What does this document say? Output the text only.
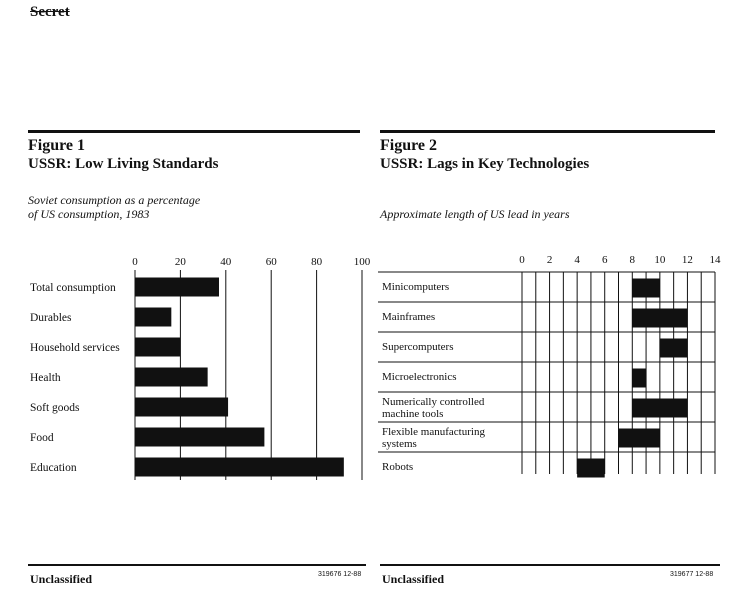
Secret
Figure 1
USSR: Low Living Standards
Soviet consumption as a percentage
of US consumption, 1983
Figure 2
USSR: Lags in Key Technologies
Approximate length of US lead in years
0	20	40	60	80	100
Total consumption
Durables
Household services
Health
Soft goods
Food
Education
0 2 4 6 8 10 12 14
Minicomputers
Mainframes
Supercomputers
Microelectronics
Numerically controlled
machine tools
Flexible manufacturing
systems
Robots
Unclassified	319676 12-88 Unclassified	319677 12-88
